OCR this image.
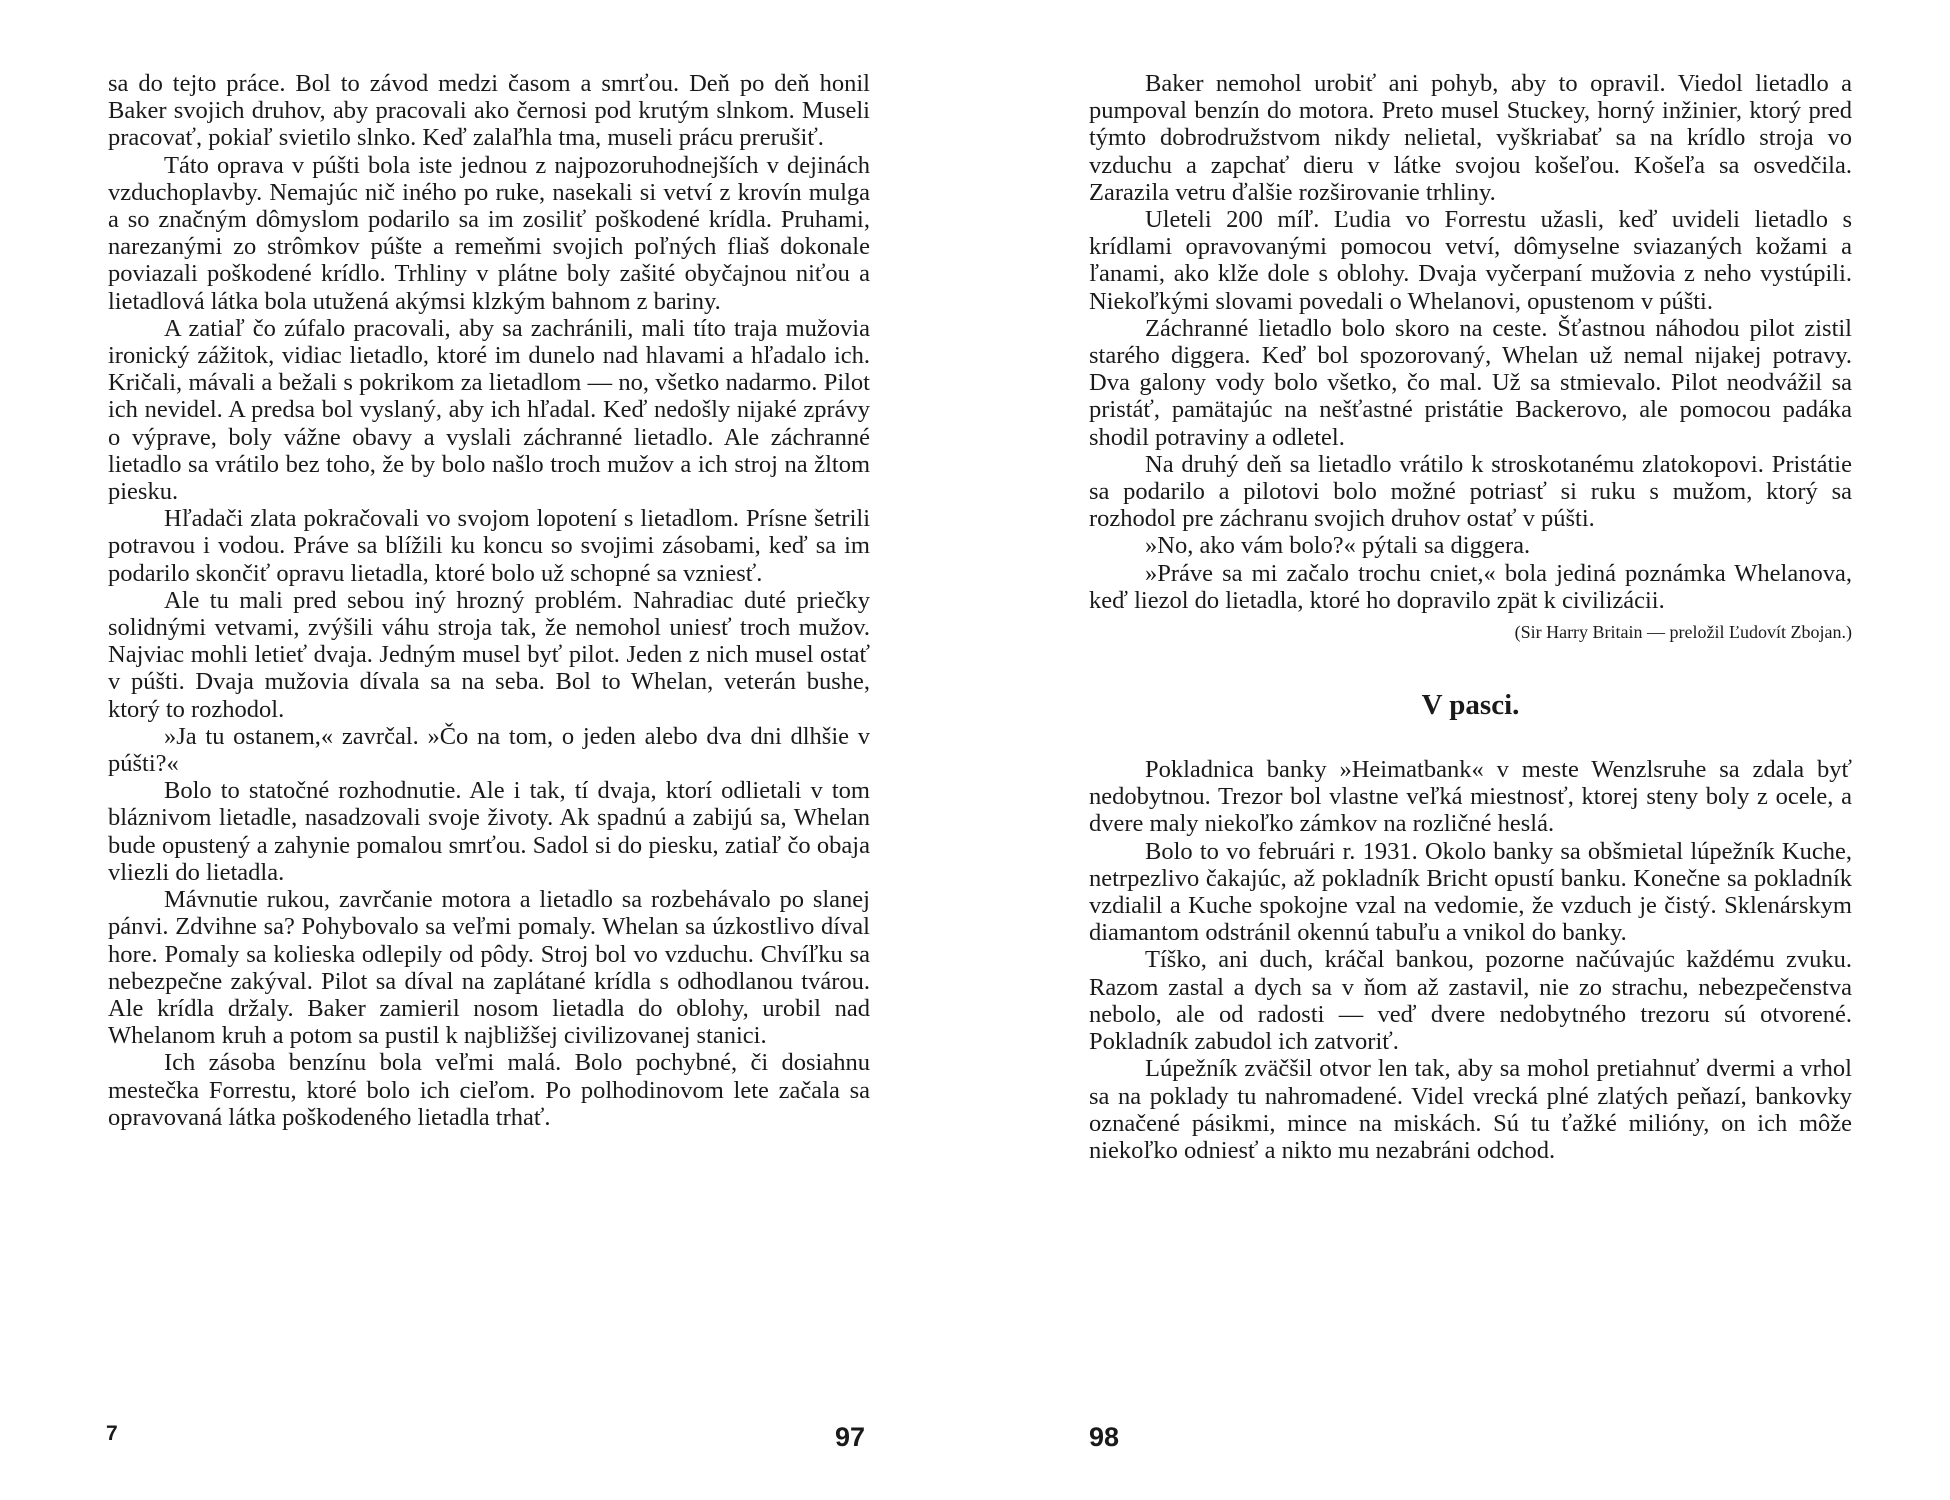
sa do tejto práce. Bol to závod medzi časom a smrťou. Deň po deň honil Baker svojich druhov, aby pracovali ako černosi pod krutým slnkom. Museli pracovať, pokiaľ svietilo slnko. Keď zalaľhla tma, museli prácu prerušiť.

Táto oprava v púšti bola iste jednou z najpozoruhodnejších v dejinách vzduchoplavby. Nemajúc nič iného po ruke, nasekali si vetví z krovín mulga a so značným dômyslom podarilo sa im zosiliť poškodené krídla. Pruhami, narezanými zo strômkov púšte a remeňmi svojich poľných fliaš dokonale poviazali poškodené krídlo. Trhliny v plátne boly zašité obyčajnou niťou a lietadlová látka bola utužená akýmsi klzkým bahnom z bariny.

A zatiaľ čo zúfalo pracovali, aby sa zachránili, mali títo traja mužovia ironický zážitok, vidiac lietadlo, ktoré im dunelo nad hlavami a hľadalo ich. Kričali, mávali a bežali s pokrikom za lietadlom — no, všetko nadarmo. Pilot ich nevidel. A predsa bol vyslaný, aby ich hľadal. Keď nedošly nijaké zprávy o výprave, boly vážne obavy a vyslali záchranné lietadlo. Ale záchranné lietadlo sa vrátilo bez toho, že by bolo našlo troch mužov a ich stroj na žltom piesku.

Hľadači zlata pokračovali vo svojom lopotení s lietadlom. Prísne šetrili potravou i vodou. Práve sa blížili ku koncu so svojimi zásobami, keď sa im podarilo skončiť opravu lietadla, ktoré bolo už schopné sa vzniesť.

Ale tu mali pred sebou iný hrozný problém. Nahradiac duté priečky solidnými vetvami, zvýšili váhu stroja tak, že nemohol uniesť troch mužov. Najviac mohli letieť dvaja. Jedným musel byť pilot. Jeden z nich musel ostať v púšti. Dvaja mužovia dívala sa na seba. Bol to Whelan, veterán bushe, ktorý to rozhodol.

»Ja tu ostanem,« zavrčal. »Čo na tom, o jeden alebo dva dni dlhšie v púšti?«

Bolo to statočné rozhodnutie. Ale i tak, tí dvaja, ktorí odlietali v tom bláznivom lietadle, nasadzovali svoje životy. Ak spadnú a zabijú sa, Whelan bude opustený a zahynie pomalou smrťou. Sadol si do piesku, zatiaľ čo obaja vliezli do lietadla.

Mávnutie rukou, zavrčanie motora a lietadlo sa rozbehávalo po slanej pánvi. Zdvihne sa? Pohybovalo sa veľmi pomaly. Whelan sa úzkostlivo díval hore. Pomaly sa kolieska odlepily od pôdy. Stroj bol vo vzduchu. Chvíľku sa nebezpečne zakýval. Pilot sa díval na zaplátané krídla s odhodlanou tvárou. Ale krídla držaly. Baker zamieril nosom lietadla do oblohy, urobil nad Whelanom kruh a potom sa pustil k najbližšej civilizovanej stanici.

Ich zásoba benzínu bola veľmi malá. Bolo pochybné, či dosiahnu mestečka Forrestu, ktoré bolo ich cieľom. Po polhodinovom lete začala sa opravovaná látka poškodeného lietadla trhať.

7	97

Baker nemohol urobiť ani pohyb, aby to opravil. Viedol lietadlo a pumpoval benzín do motora. Preto musel Stuckey, horný inžinier, ktorý pred týmto dobrodružstvom nikdy nelietal, vyškriabať sa na krídlo stroja vo vzduchu a zapchať dieru v látke svojou košeľou. Košeľa sa osvedčila. Zarazila vetru ďalšie rozširovanie trhliny.

Uleteli 200 míľ. Ľudia vo Forrestu užasli, keď uvideli lietadlo s krídlami opravovanými pomocou vetví, dômyselne sviazaných kožami a ľanami, ako klže dole s oblohy. Dvaja vyčerpaní mužovia z neho vystúpili. Niekoľkými slovami povedali o Whelanovi, opustenom v púšti.

Záchranné lietadlo bolo skoro na ceste. Šťastnou náhodou pilot zistil starého diggera. Keď bol spozorovaný, Whelan už nemal nijakej potravy. Dva galony vody bolo všetko, čo mal. Už sa stmievalo. Pilot neodvážil sa pristáť, pamätajúc na nešťastné pristátie Backerovo, ale pomocou padáka shodil potraviny a odletel.

Na druhý deň sa lietadlo vrátilo k stroskotanému zlatokopovi. Pristátie sa podarilo a pilotovi bolo možné potriasť si ruku s mužom, ktorý sa rozhodol pre záchranu svojich druhov ostať v púšti.

»No, ako vám bolo?« pýtali sa diggera.

»Práve sa mi začalo trochu cniet,« bola jediná poznámka Whelanova, keď liezol do lietadla, ktoré ho dopravilo zpät k civilizácii.

(Sir Harry Britain — preložil Ľudovít Zbojan.)

V pasci.

Pokladnica banky »Heimatbank« v meste Wenzlsruhe sa zdala byť nedobytnou. Trezor bol vlastne veľká miestnosť, ktorej steny boly z ocele, a dvere maly niekoľko zámkov na rozličné heslá.

Bolo to vo februári r. 1931. Okolo banky sa obšmietal lúpežník Kuche, netrpezlivo čakajúc, až pokladník Bricht opustí banku. Konečne sa pokladník vzdialil a Kuche spokojne vzal na vedomie, že vzduch je čistý. Sklenárskym diamantom odstránil okennú tabuľu a vnikol do banky.

Tíško, ani duch, kráčal bankou, pozorne načúvajúc každému zvuku. Razom zastal a dych sa v ňom až zastavil, nie zo strachu, nebezpečenstva nebolo, ale od radosti — veď dvere nedobytného trezoru sú otvorené. Pokladník zabudol ich zatvoriť.

Lúpežník zväčšil otvor len tak, aby sa mohol pretiahnuť dvermi a vrhol sa na poklady tu nahromadené. Videl vrecká plné zlatých peňazí, bankovky označené pásikmi, mince na miskách. Sú tu ťažké milióny, on ich môže niekoľko odniesť a nikto mu nezabráni odchod.

98
